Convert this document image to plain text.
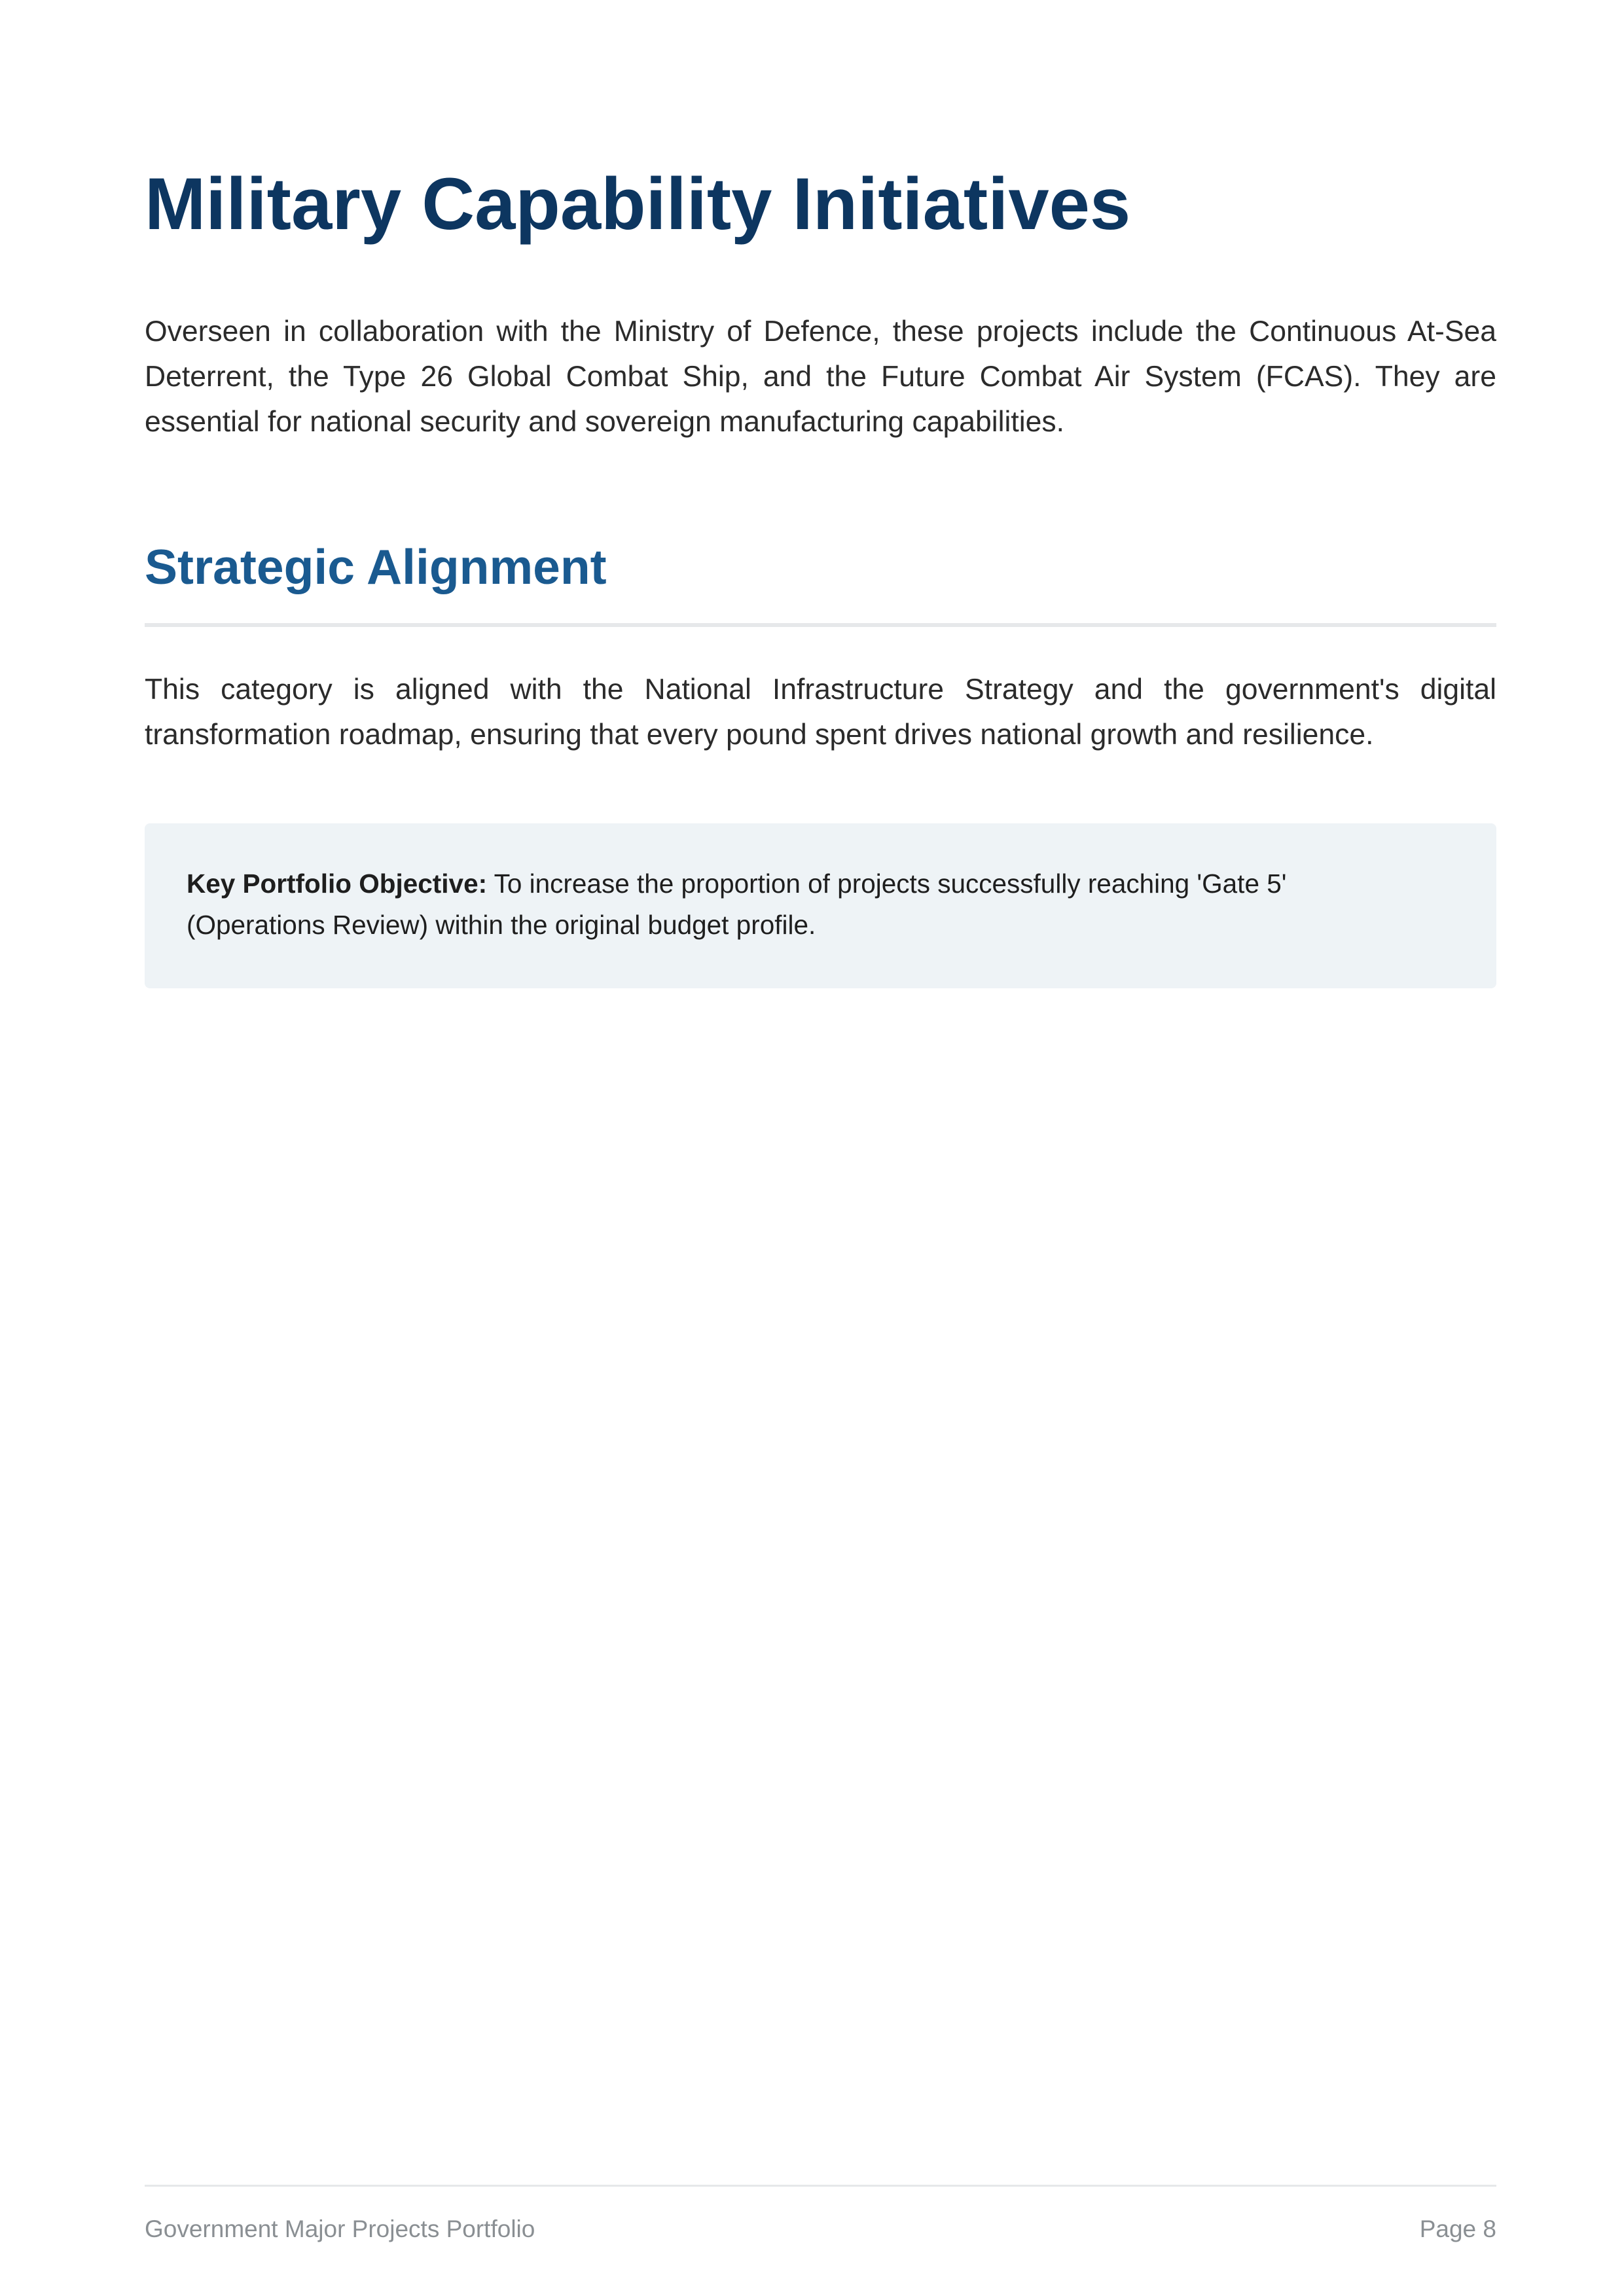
Military Capability Initiatives

Overseen in collaboration with the Ministry of Defence, these projects include the Continuous At-Sea Deterrent, the Type 26 Global Combat Ship, and the Future Combat Air System (FCAS). They are essential for national security and sovereign manufacturing capabilities.

Strategic Alignment

This category is aligned with the National Infrastructure Strategy and the government's digital transformation roadmap, ensuring that every pound spent drives national growth and resilience.

Key Portfolio Objective: To increase the proportion of projects successfully reaching 'Gate 5' (Operations Review) within the original budget profile.

Government Major Projects Portfolio	Page 8
